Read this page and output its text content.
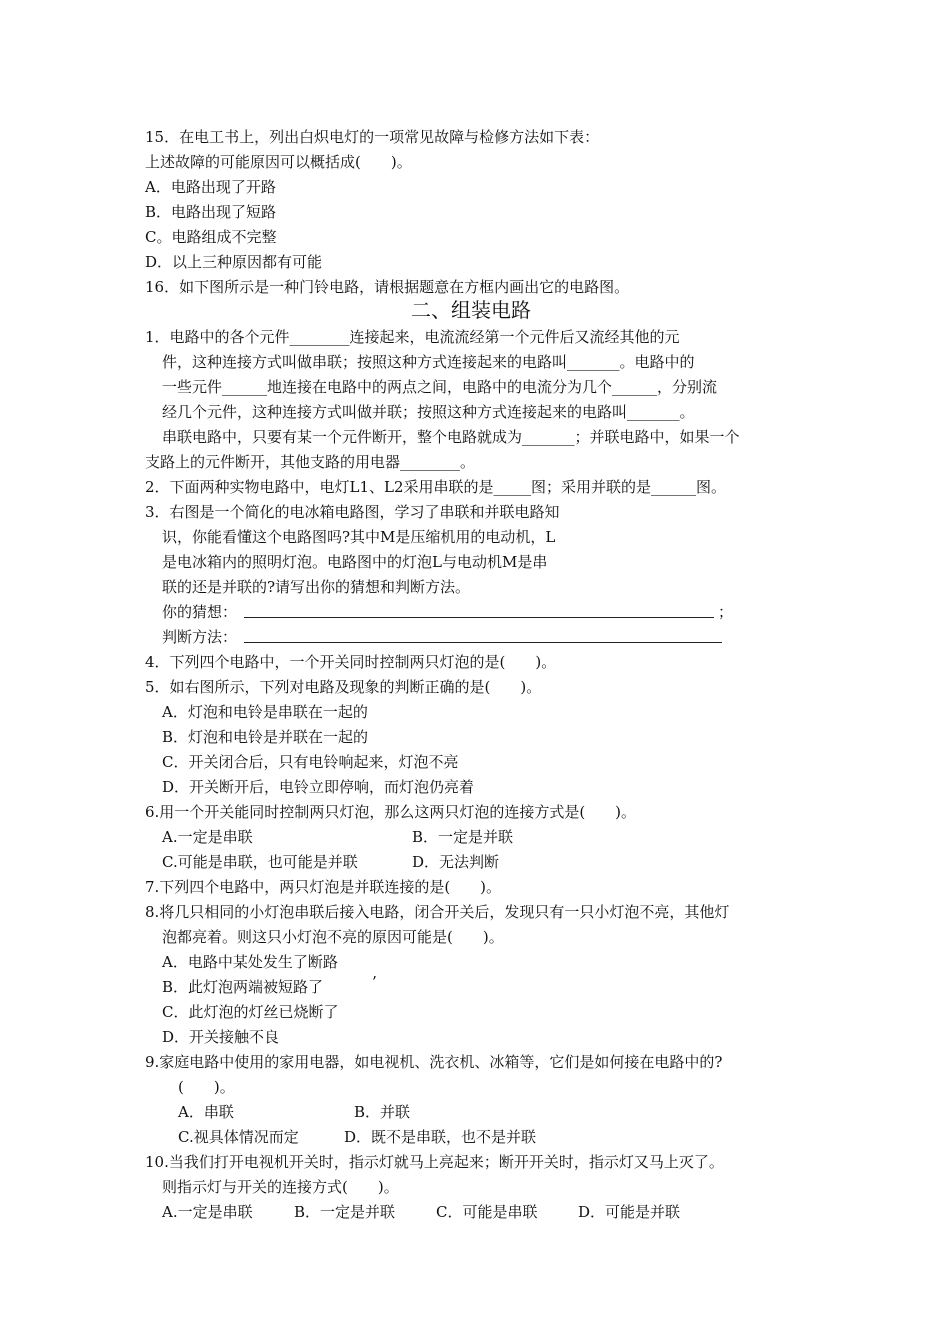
15．在电工书上，列出白炽电灯的一项常见故障与检修方法如下表：
上述故障的可能原因可以概括成(　　)。
A．电路出现了开路
B．电路出现了短路
C。电路组成不完整
D．以上三种原因都有可能
16．如下图所示是一种门铃电路，请根据题意在方框内画出它的电路图。
二、组装电路
1．电路中的各个元件________连接起来，电流流经第一个元件后又流经其他的元
件，这种连接方式叫做串联；按照这种方式连接起来的电路叫_______。电路中的
一些元件______地连接在电路中的两点之间，电路中的电流分为几个______，分别流
经几个元件，这种连接方式叫做并联；按照这种方式连接起来的电路叫_______。
串联电路中，只要有某一个元件断开，整个电路就成为_______；并联电路中，如果一个
支路上的元件断开，其他支路的用电器________。
2．下面两种实物电路中，电灯L1、L2采用串联的是_____图；采用并联的是______图。
3．右图是一个简化的电冰箱电路图，学习了串联和并联电路知
识，你能看懂这个电路图吗?其中M是压缩机用的电动机，L
是电冰箱内的照明灯泡。电路图中的灯泡L与电动机M是串
联的还是并联的?请写出你的猜想和判断方法。
你的猜想：	；
判断方法：
4．下列四个电路中，一个开关同时控制两只灯泡的是(　　)。
5．如右图所示，下列对电路及现象的判断正确的是(　　)。
A．灯泡和电铃是串联在一起的
B．灯泡和电铃是并联在一起的
C．开关闭合后，只有电铃响起来，灯泡不亮
D．开关断开后，电铃立即停响，而灯泡仍亮着
6.用一个开关能同时控制两只灯泡，那么这两只灯泡的连接方式是(　　)。
A.一定是串联	B．一定是并联
C.可能是串联，也可能是并联	D．无法判断
7.下列四个电路中，两只灯泡是并联连接的是(　　)。
8.将几只相同的小灯泡串联后接入电路，闭合开关后，发现只有一只小灯泡不亮，其他灯
泡都亮着。则这只小灯泡不亮的原因可能是(　　)。
A．电路中某处发生了断路
B．此灯泡两端被短路了	’
C．此灯泡的灯丝已烧断了
D．开关接触不良
9.家庭电路中使用的家用电器，如电视机、洗衣机、冰箱等，它们是如何接在电路中的?
(　　)。
A．串联	B．并联
C.视具体情况而定	D．既不是串联，也不是并联
10.当我们打开电视机开关时，指示灯就马上亮起来；断开开关时，指示灯又马上灭了。
则指示灯与开关的连接方式(　　)。
A.一定是串联	B．一定是并联	C．可能是串联	D．可能是并联
